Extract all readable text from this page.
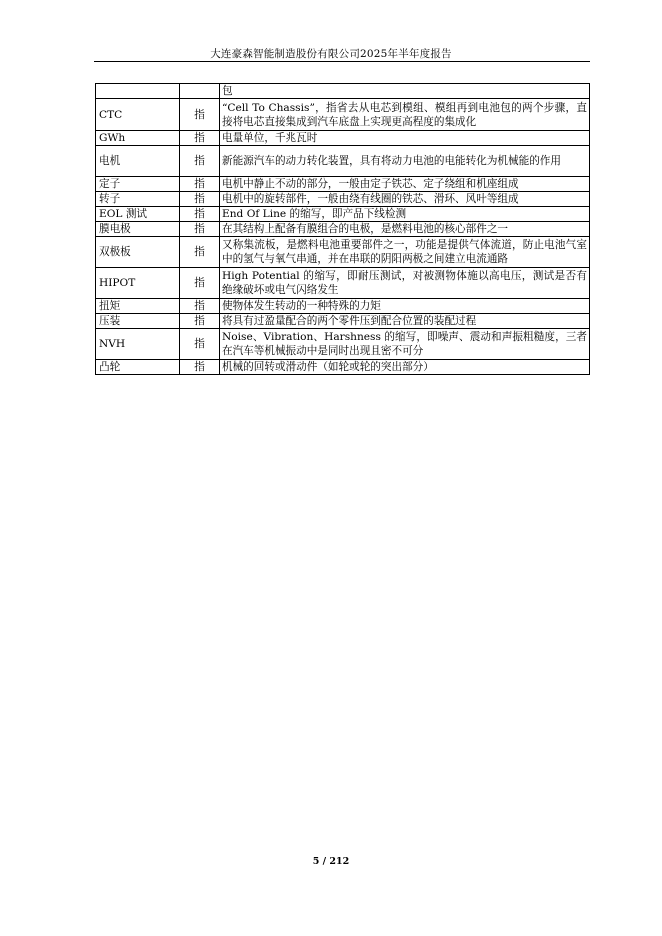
大连豪森智能制造股份有限公司2025年半年度报告
		包
CTC	指	“Cell To Chassis”，指省去从电芯到模组、模组再到电池包的两个步骤，直接将电芯直接集成到汽车底盘上实现更高程度的集成化
GWh	指	电量单位，千兆瓦时
电机	指	新能源汽车的动力转化装置，具有将动力电池的电能转化为机械能的作用
定子	指	电机中静止不动的部分，一般由定子铁芯、定子绕组和机座组成
转子	指	电机中的旋转部件，一般由绕有线圈的铁芯、滑环、风叶等组成
EOL 测试	指	End Of Line 的缩写，即产品下线检测
膜电极	指	在其结构上配备有膜组合的电极，是燃料电池的核心部件之一
双极板	指	又称集流板，是燃料电池重要部件之一，功能是提供气体流道，防止电池气室中的氢气与氧气串通，并在串联的阴阳两极之间建立电流通路
HIPOT	指	High Potential 的缩写，即耐压测试，对被测物体施以高电压，测试是否有绝缘破坏或电气闪络发生
扭矩	指	使物体发生转动的一种特殊的力矩
压装	指	将具有过盈量配合的两个零件压到配合位置的装配过程
NVH	指	Noise、Vibration、Harshness 的缩写，即噪声、震动和声振粗糙度，三者在汽车等机械振动中是同时出现且密不可分
凸轮	指	机械的回转或滑动件（如轮或轮的突出部分）
5 / 212
